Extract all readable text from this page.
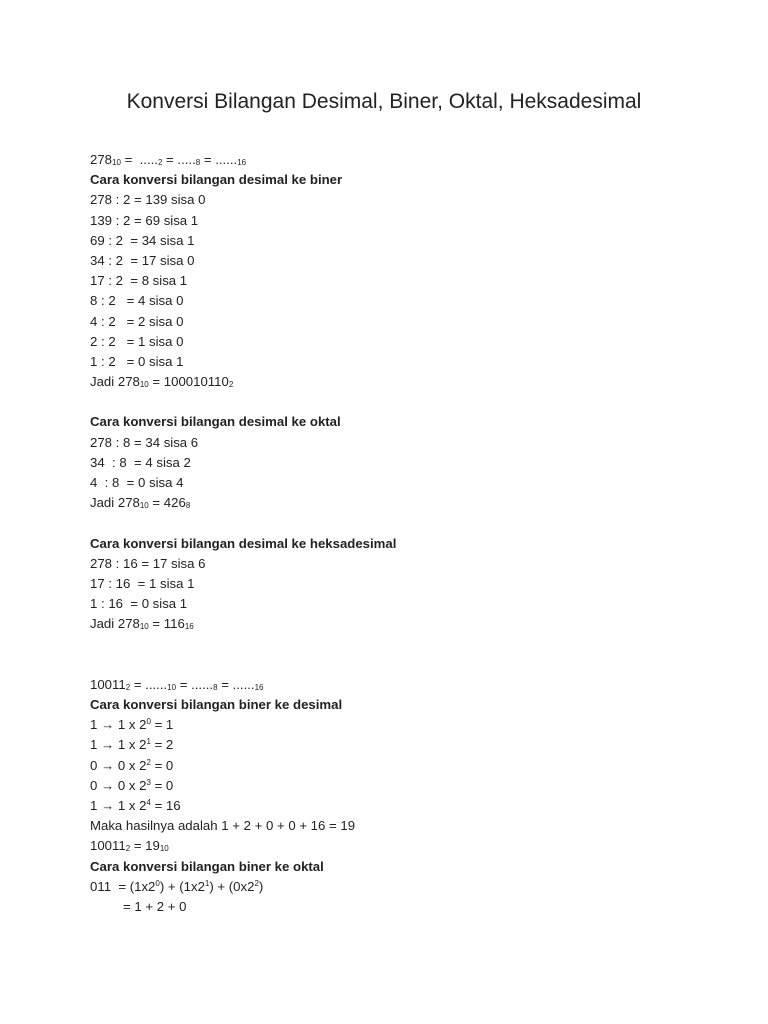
Konversi Bilangan Desimal, Biner, Oktal, Heksadesimal
$278_{10} = ....._2 = ....._8 = ......_{16}$
Cara konversi bilangan desimal ke biner
278 : 2 = 139 sisa 0
139 : 2 = 69 sisa 1
69 : 2  = 34 sisa 1
34 : 2  = 17 sisa 0
17 : 2  = 8 sisa 1
8 : 2   = 4 sisa 0
4 : 2   = 2 sisa 0
2 : 2   = 1 sisa 0
1 : 2   = 0 sisa 1
Jadi $278_{10} = 100010110_2$
Cara konversi bilangan desimal ke oktal
278 : 8 = 34 sisa 6
34  : 8  = 4 sisa 2
4  : 8  = 0 sisa 4
Jadi $278_{10} = 426_8$
Cara konversi bilangan desimal ke heksadesimal
278 : 16 = 17 sisa 6
17 : 16  = 1 sisa 1
1 : 16  = 0 sisa 1
Jadi $278_{10} = 116_{16}$
$10011_2 = ......_{10} = ......_8 = ......_{16}$
Cara konversi bilangan biner ke desimal
1 → 1 x $2^0 = 1$
1 → 1 x $2^1 = 2$
0 → 0 x $2^2 = 0$
0 → 0 x $2^3 = 0$
1 → 1 x $2^4 = 16$
Maka hasilnya adalah 1 + 2 + 0 + 0 + 16 = 19
$10011_2 = 19_{10}$
Cara konversi bilangan biner ke oktal
$011 = (1x2^0) + (1x2^1) + (0x2^2)$
= 1 + 2 + 0
